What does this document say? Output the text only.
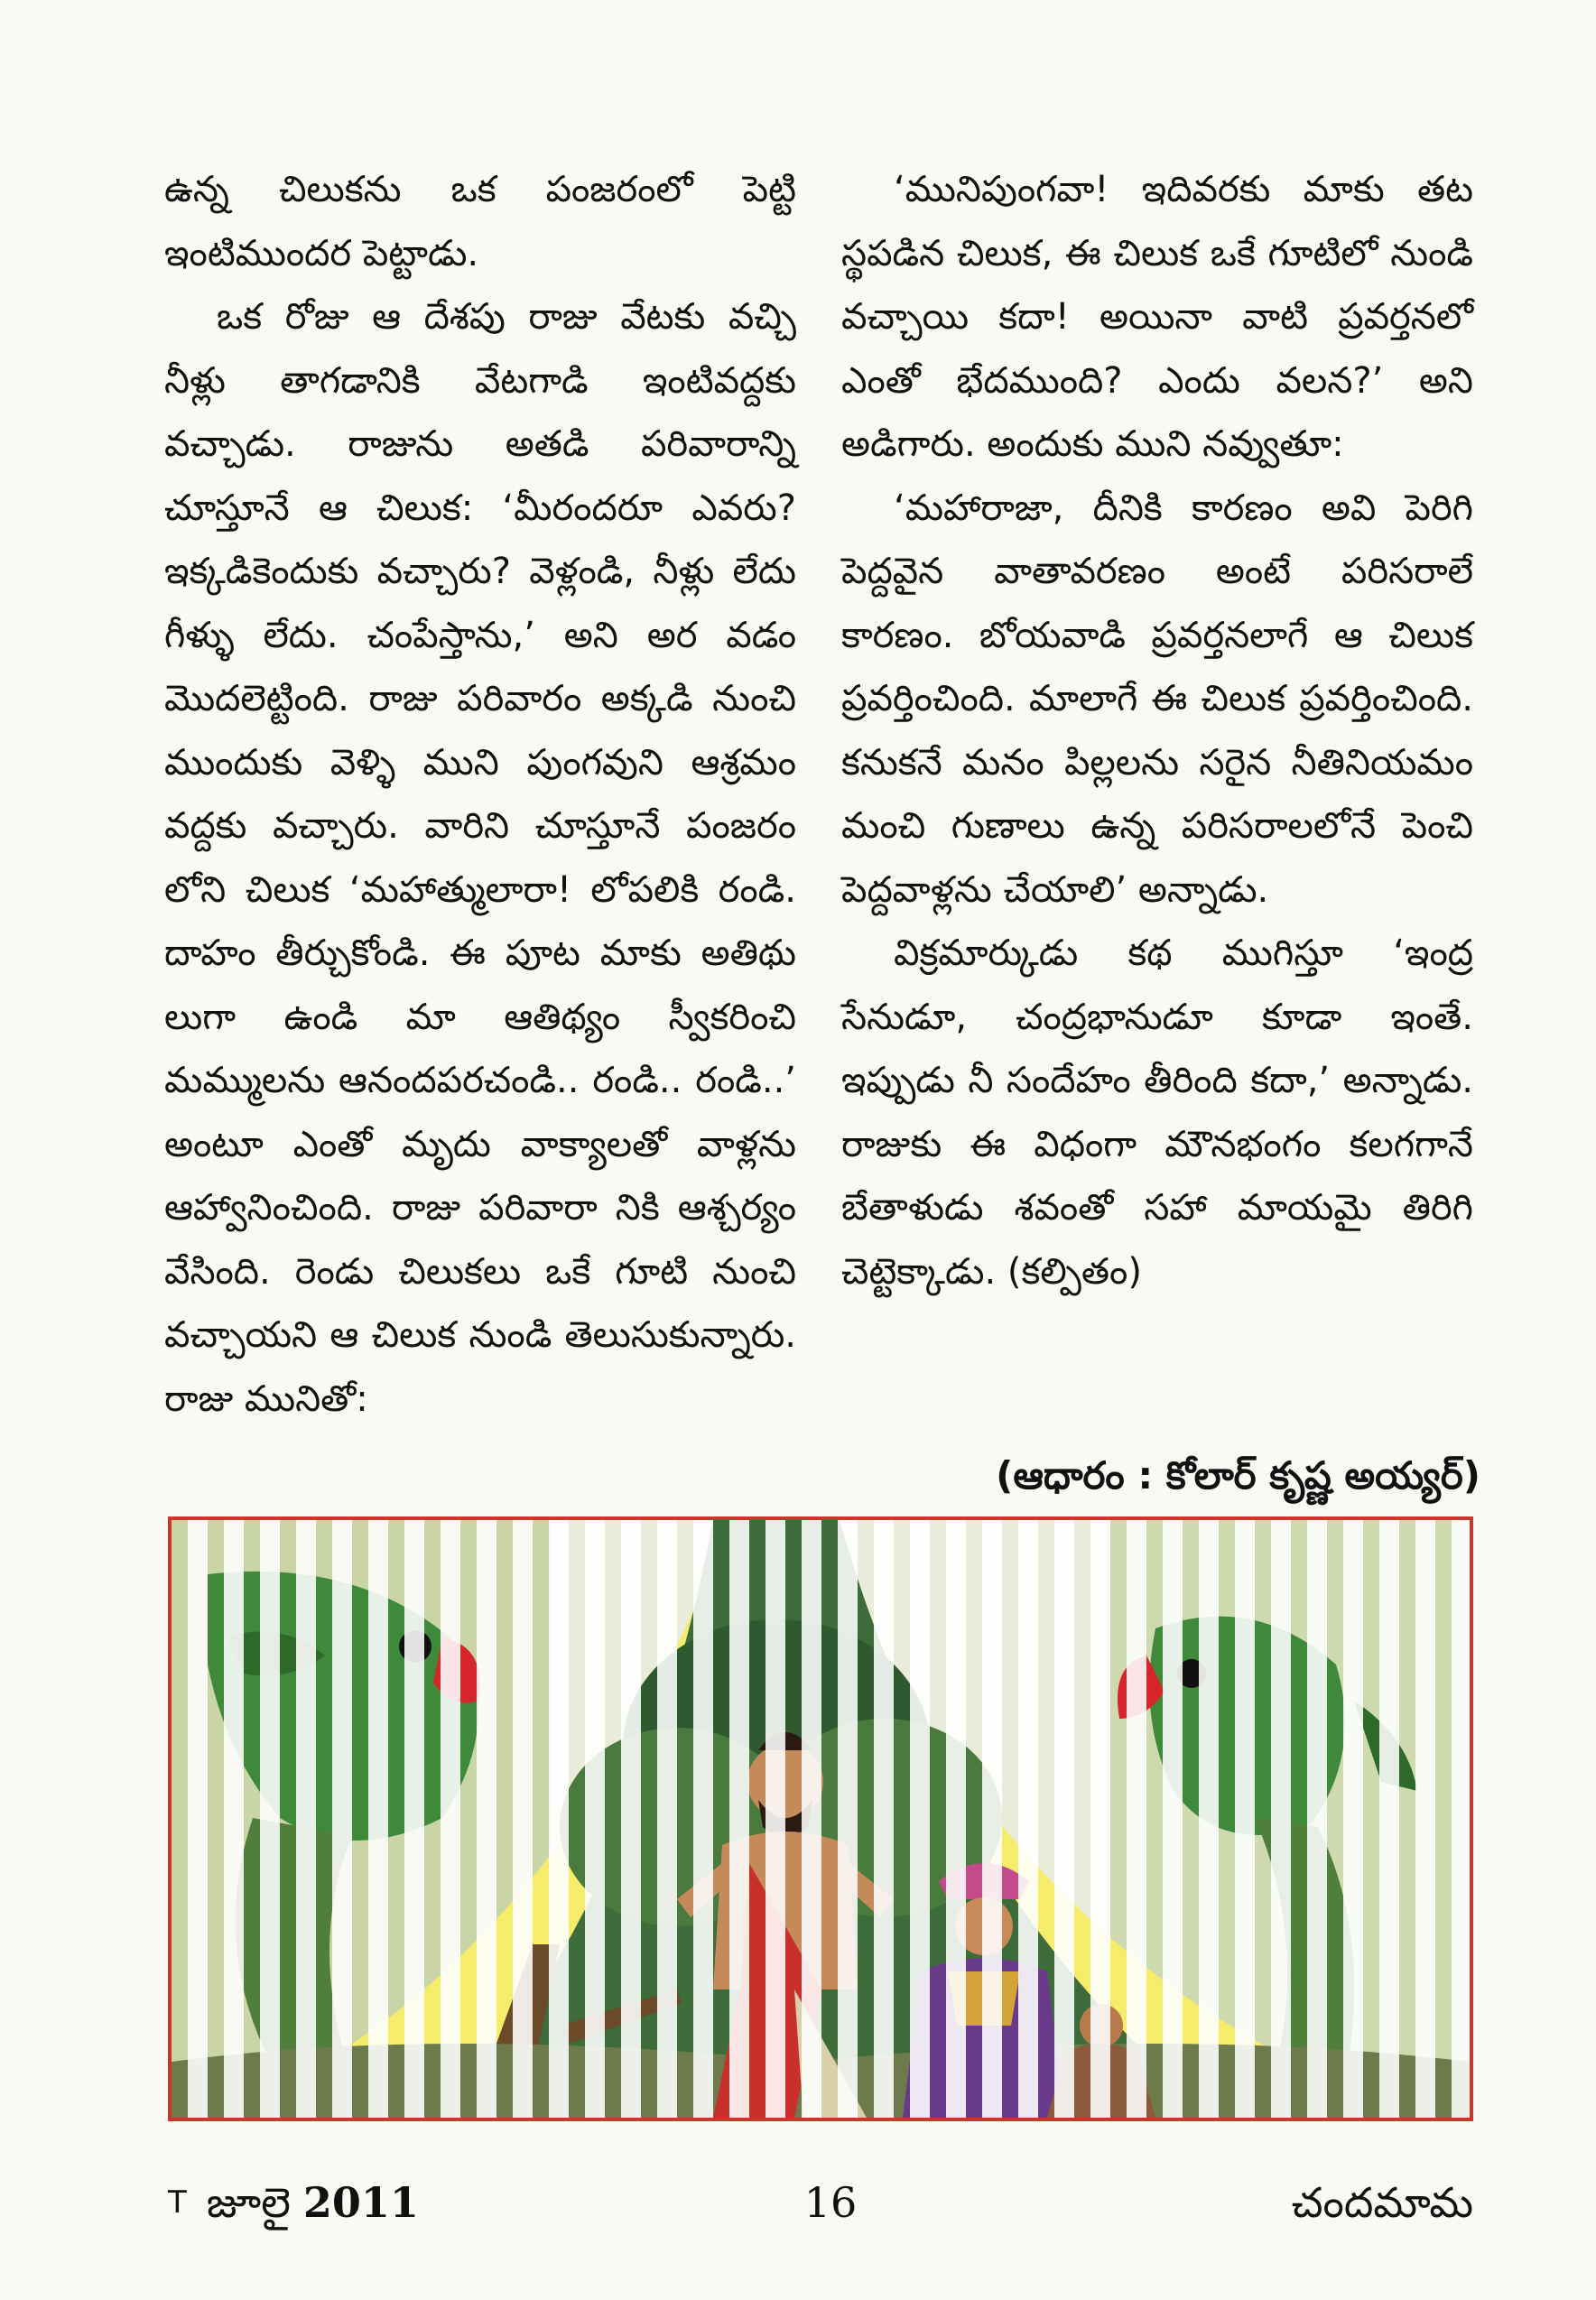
ఉన్న చిలుకను ఒక పంజరంలో పెట్టి ఇంటిముందర పెట్టాడు.

ఒక రోజు ఆ దేశపు రాజు వేటకు వచ్చి నీళ్లు తాగడానికి వేటగాడి ఇంటివద్దకు వచ్చాడు. రాజును అతడి పరివారాన్ని చూస్తూనే ఆ చిలుక: ‘మీరందరూ ఎవరు? ఇక్కడికెందుకు వచ్చారు? వెళ్లండి, నీళ్లు లేదు గీళ్ళు లేదు. చంపేస్తాను,’ అని అర వడం మొదలెట్టింది. రాజు పరివారం అక్కడి నుంచి ముందుకు వెళ్ళి ముని పుంగవుని ఆశ్రమం వద్దకు వచ్చారు. వారిని చూస్తూనే పంజరం లోని చిలుక ‘మహాత్ములారా! లోపలికి రండి. దాహం తీర్చుకోండి. ఈ పూట మాకు అతిథు లుగా ఉండి మా ఆతిథ్యం స్వీకరించి మమ్ములను ఆనందపరచండి.. రండి.. రండి..’ అంటూ ఎంతో మృదు వాక్యాలతో వాళ్లను ఆహ్వానించింది. రాజు పరివారా నికి ఆశ్చర్యం వేసింది. రెండు చిలుకలు ఒకే గూటి నుంచి వచ్చాయని ఆ చిలుక నుండి తెలుసుకున్నారు. రాజు మునితో:

‘మునిపుంగవా! ఇదివరకు మాకు తట స్థపడిన చిలుక, ఈ చిలుక ఒకే గూటిలో నుండి వచ్చాయి కదా! అయినా వాటి ప్రవర్తనలో ఎంతో భేదముంది? ఎందు వలన?’ అని అడిగారు. అందుకు ముని నవ్వుతూ:

‘మహారాజా, దీనికి కారణం అవి పెరిగి పెద్దవైన వాతావరణం అంటే పరిసరాలే కారణం. బోయవాడి ప్రవర్తనలాగే ఆ చిలుక ప్రవర్తించింది. మాలాగే ఈ చిలుక ప్రవర్తించింది. కనుకనే మనం పిల్లలను సరైన నీతినియమం మంచి గుణాలు ఉన్న పరిసరాలలోనే పెంచి పెద్దవాళ్లను చేయాలి’ అన్నాడు.

విక్రమార్కుడు కథ ముగిస్తూ ‘ఇంద్ర సేనుడూ, చంద్రభానుడూ కూడా ఇంతే. ఇప్పుడు నీ సందేహం తీరింది కదా,’ అన్నాడు. రాజుకు ఈ విధంగా మౌనభంగం కలగగానే బేతాళుడు శవంతో సహా మాయమై తిరిగి చెట్టెక్కాడు. (కల్పితం)

(ఆధారం : కోలార్ కృష్ణ అయ్యర్)
$^T$ జూలై 2011	16	చందమామ
